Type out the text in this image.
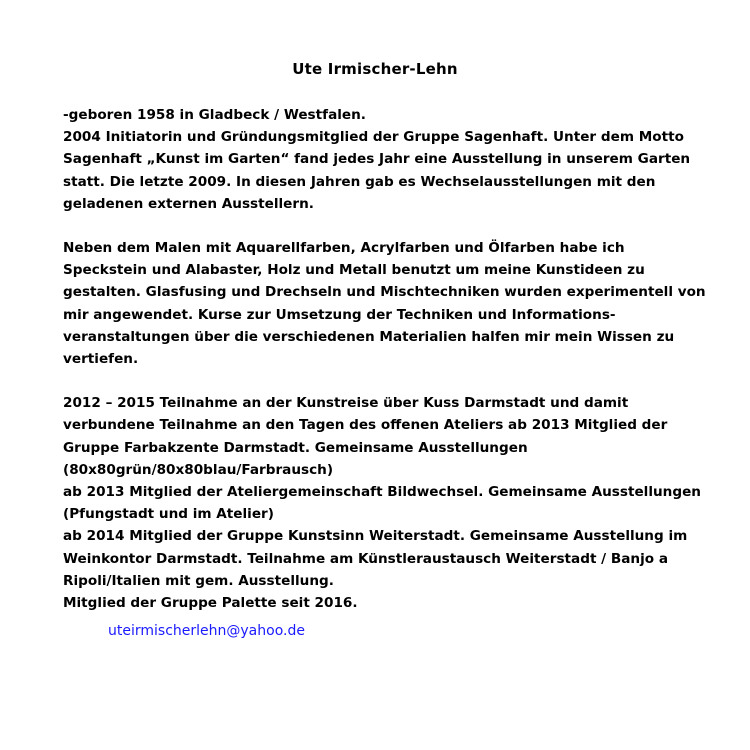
Ute Irmischer-Lehn
-geboren 1958 in Gladbeck / Westfalen.
2004 Initiatorin und Gründungsmitglied der Gruppe Sagenhaft. Unter dem Motto
Sagenhaft „Kunst im Garten“ fand jedes Jahr eine Ausstellung in unserem Garten
statt. Die letzte 2009. In diesen Jahren gab es Wechselausstellungen mit den
geladenen externen Ausstellern.
Neben dem Malen mit Aquarellfarben, Acrylfarben und Ölfarben habe ich
Speckstein und Alabaster, Holz und Metall benutzt um meine Kunstideen zu
gestalten. Glasfusing und Drechseln und Mischtechniken wurden experimentell von
mir angewendet. Kurse zur Umsetzung der Techniken und Informations-
veranstaltungen über die verschiedenen Materialien halfen mir mein Wissen zu
vertiefen.
2012 – 2015 Teilnahme an der Kunstreise über Kuss Darmstadt und damit
verbundene Teilnahme an den Tagen des offenen Ateliers ab 2013 Mitglied der
Gruppe Farbakzente Darmstadt. Gemeinsame Ausstellungen
(80x80grün/80x80blau/Farbrausch)
ab 2013 Mitglied der Ateliergemeinschaft Bildwechsel. Gemeinsame Ausstellungen
(Pfungstadt und im Atelier)
ab 2014 Mitglied der Gruppe Kunstsinn Weiterstadt. Gemeinsame Ausstellung im
Weinkontor Darmstadt. Teilnahme am Künstleraustausch Weiterstadt / Banjo a
Ripoli/Italien mit gem. Ausstellung.
Mitglied der Gruppe Palette seit 2016.
uteirmischerlehn@yahoo.de
